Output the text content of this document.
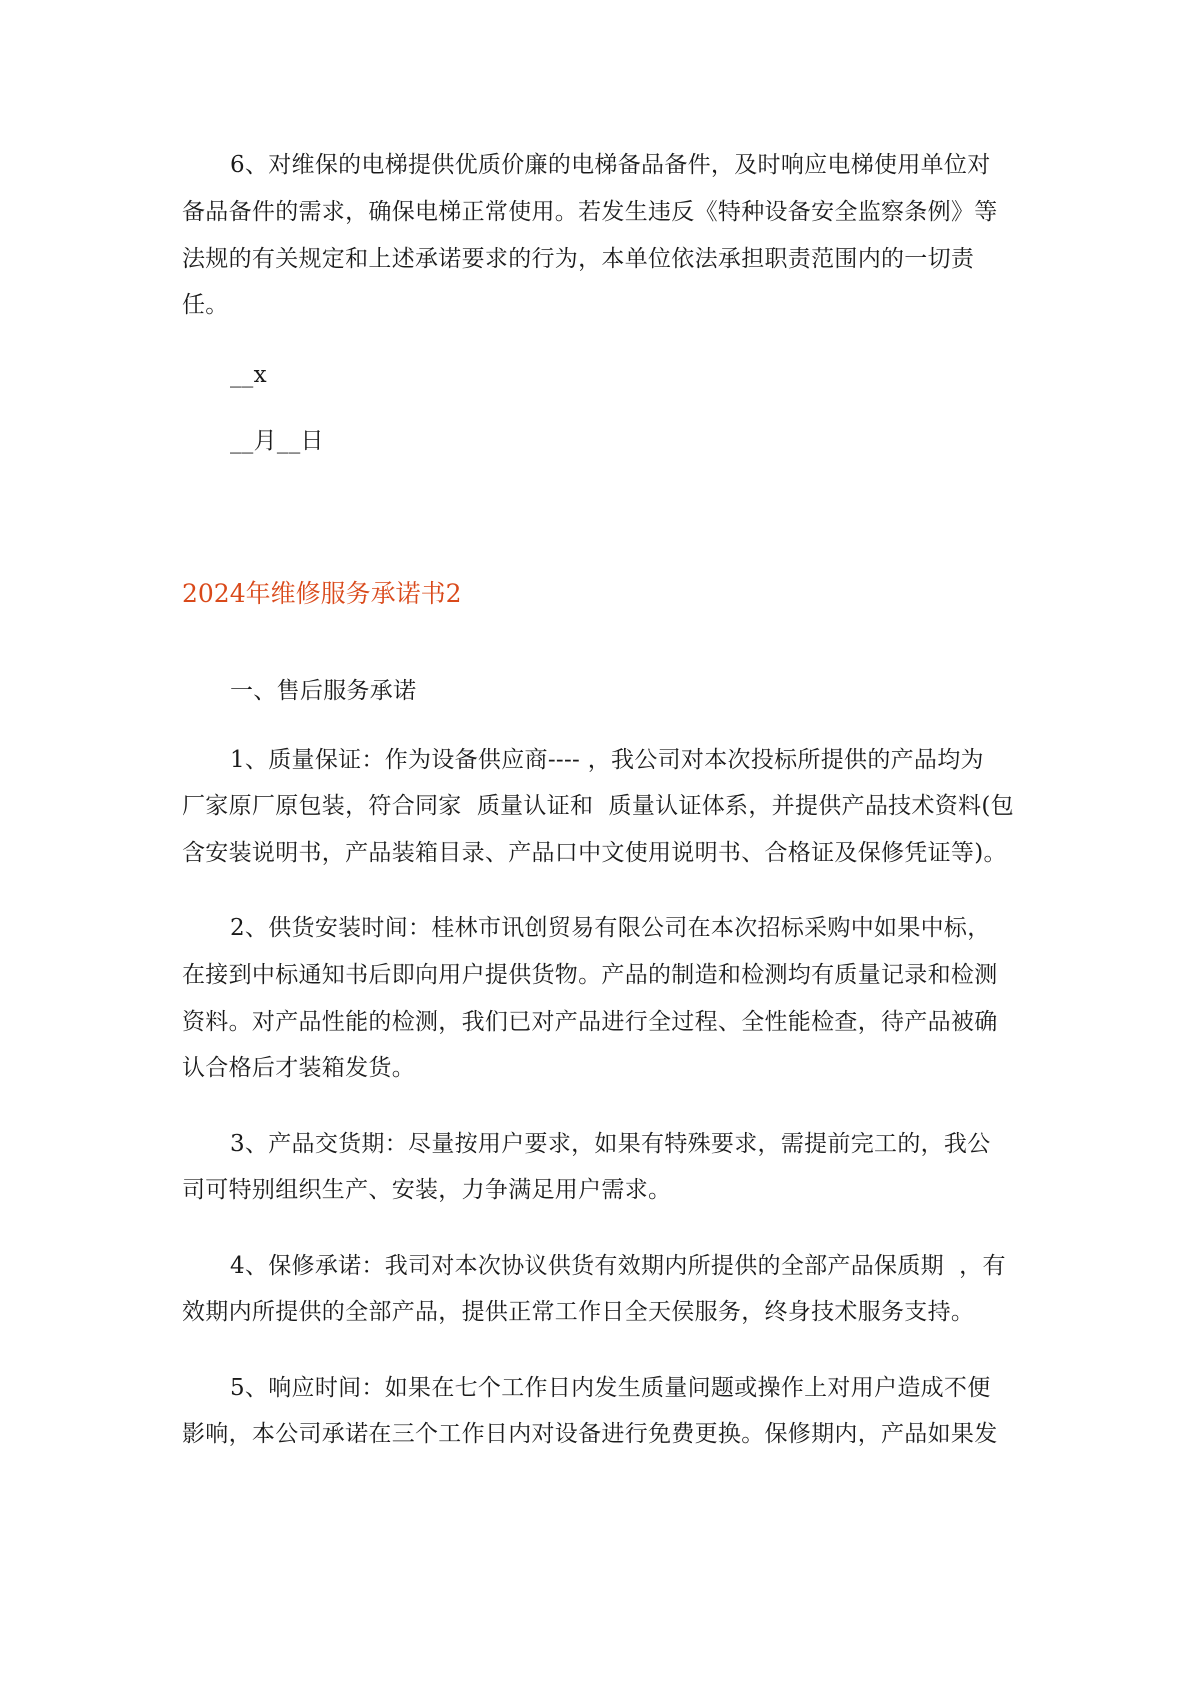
6、对维保的电梯提供优质价廉的电梯备品备件，及时响应电梯使用单位对
备品备件的需求，确保电梯正常使用。若发生违反《特种设备安全监察条例》等
法规的有关规定和上述承诺要求的行为，本单位依法承担职责范围内的一切责
任。
__x
__月__日
2024年维修服务承诺书2
一、售后服务承诺
1、质量保证：作为设备供应商---- ，我公司对本次投标所提供的产品均为
厂家原厂原包装，符合同家  质量认证和  质量认证体系，并提供产品技术资料(包
含安装说明书，产品装箱目录、产品口中文使用说明书、合格证及保修凭证等)。
2、供货安装时间：桂林市讯创贸易有限公司在本次招标采购中如果中标，
在接到中标通知书后即向用户提供货物。产品的制造和检测均有质量记录和检测
资料。对产品性能的检测，我们已对产品进行全过程、全性能检查，待产品被确
认合格后才装箱发货。
3、产品交货期：尽量按用户要求，如果有特殊要求，需提前完工的，我公
司可特别组织生产、安装，力争满足用户需求。
4、保修承诺：我司对本次协议供货有效期内所提供的全部产品保质期  ，有
效期内所提供的全部产品，提供正常工作日全天侯服务，终身技术服务支持。
5、响应时间：如果在七个工作日内发生质量问题或操作上对用户造成不便
影响，本公司承诺在三个工作日内对设备进行免费更换。保修期内，产品如果发
